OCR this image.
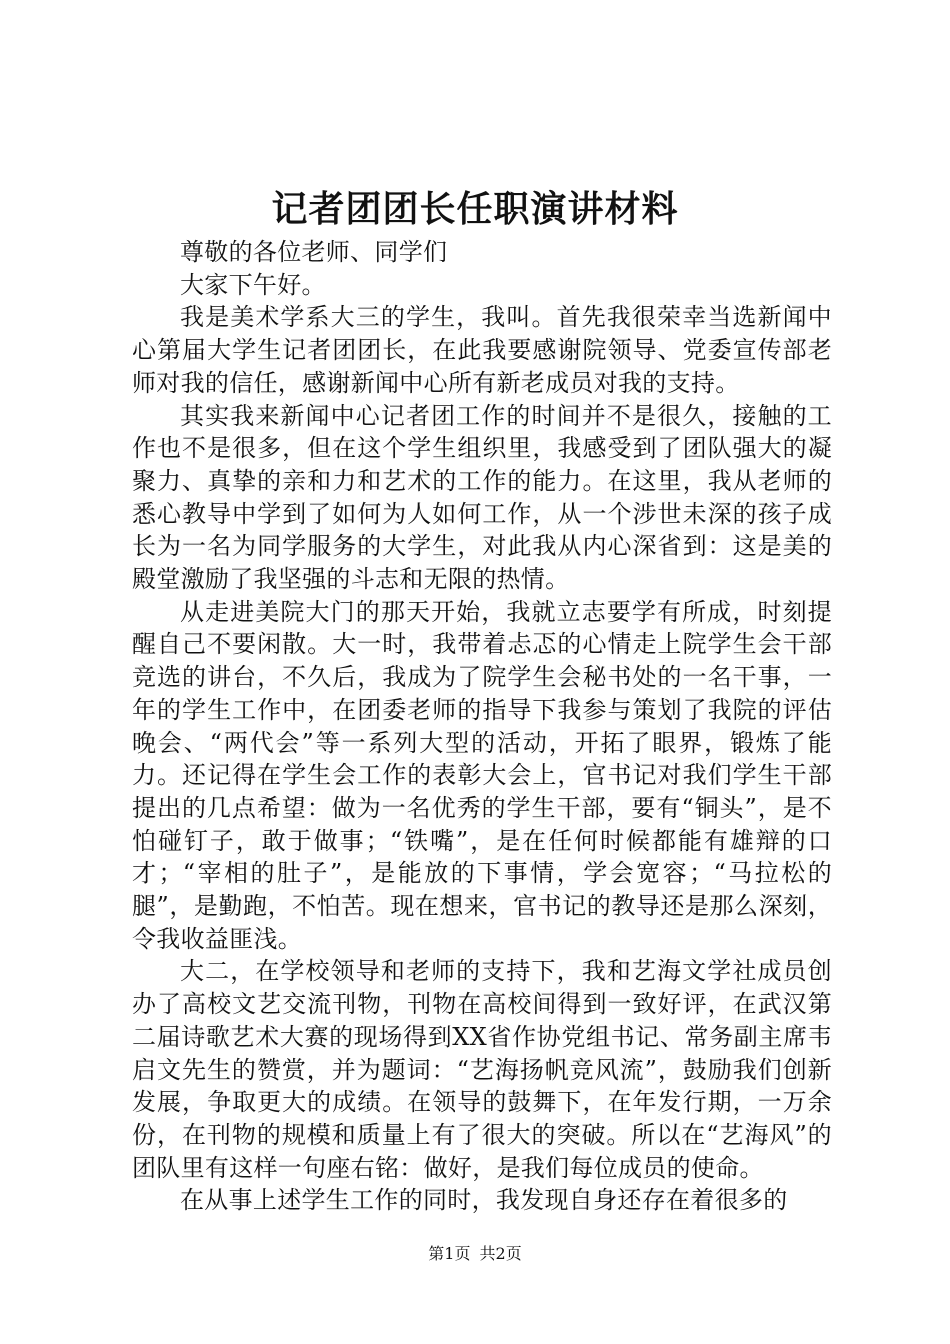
记者团团长任职演讲材料

尊敬的各位老师、同学们

大家下午好。

我是美术学系大三的学生，我叫。首先我很荣幸当选新闻中心第届大学生记者团团长，在此我要感谢院领导、党委宣传部老师对我的信任，感谢新闻中心所有新老成员对我的支持。

其实我来新闻中心记者团工作的时间并不是很久，接触的工作也不是很多，但在这个学生组织里，我感受到了团队强大的凝聚力、真挚的亲和力和艺术的工作的能力。在这里，我从老师的悉心教导中学到了如何为人如何工作，从一个涉世未深的孩子成长为一名为同学服务的大学生，对此我从内心深省到：这是美的殿堂激励了我坚强的斗志和无限的热情。

从走进美院大门的那天开始，我就立志要学有所成，时刻提醒自己不要闲散。大一时，我带着忐忑的心情走上院学生会干部竞选的讲台，不久后，我成为了院学生会秘书处的一名干事，一年的学生工作中，在团委老师的指导下我参与策划了我院的评估晚会、“两代会”等一系列大型的活动，开拓了眼界，锻炼了能力。还记得在学生会工作的表彰大会上，官书记对我们学生干部提出的几点希望：做为一名优秀的学生干部，要有“铜头”，是不怕碰钉子，敢于做事；“铁嘴”，是在任何时候都能有雄辩的口才；“宰相的肚子”，是能放的下事情，学会宽容；“马拉松的腿”，是勤跑，不怕苦。现在想来，官书记的教导还是那么深刻，令我收益匪浅。

大二，在学校领导和老师的支持下，我和艺海文学社成员创办了高校文艺交流刊物，刊物在高校间得到一致好评，在武汉第二届诗歌艺术大赛的现场得到XX省作协党组书记、常务副主席韦启文先生的赞赏，并为题词：“艺海扬帆竞风流”，鼓励我们创新发展，争取更大的成绩。在领导的鼓舞下，在年发行期，一万余份，在刊物的规模和质量上有了很大的突破。所以在“艺海风”的团队里有这样一句座右铭：做好，是我们每位成员的使命。

在从事上述学生工作的同时，我发现自身还存在着很多的

第1页 共2页
